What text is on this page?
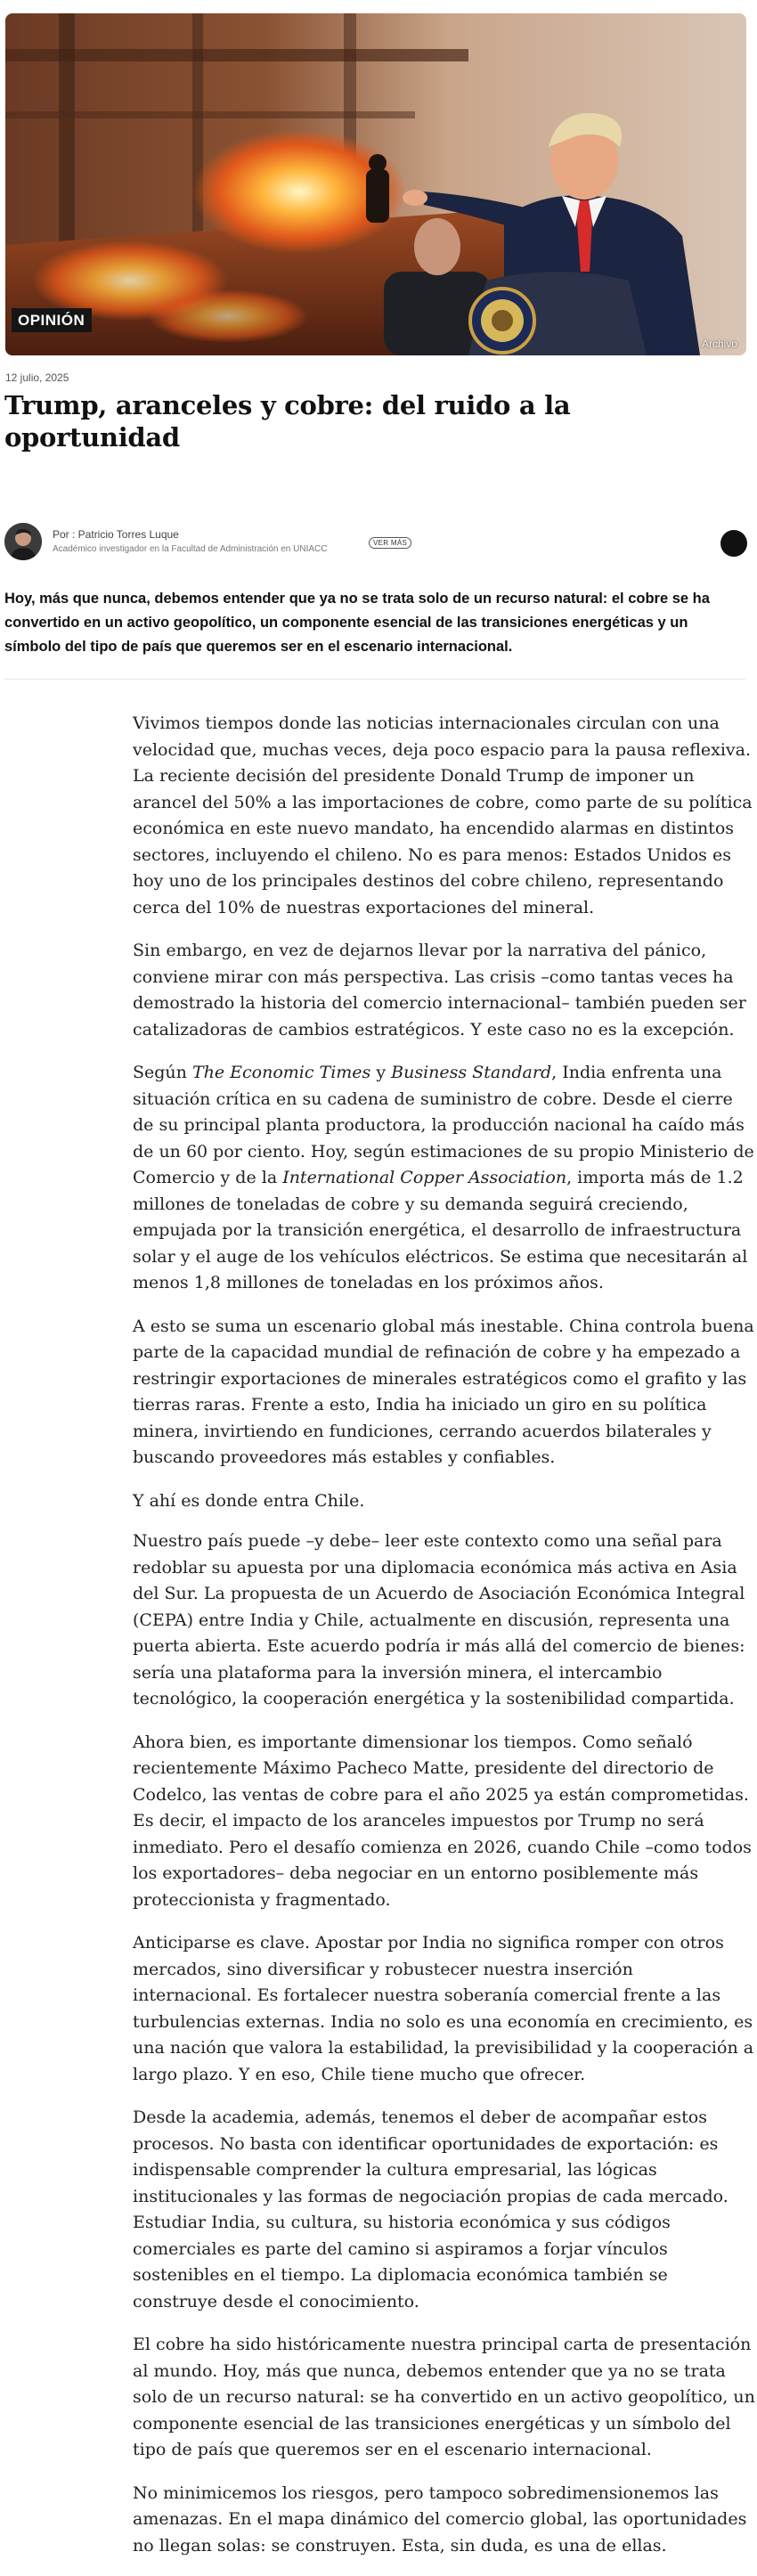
OPINIÓN
Archivo
12 julio, 2025
Trump, aranceles y cobre: del ruido a la oportunidad
Por : Patricio Torres Luque
Académico investigador en la Facultad de Administración en UNIACC
VER MÁS

Hoy, más que nunca, debemos entender que ya no se trata solo de un recurso natural: el cobre se ha convertido en un activo geopolítico, un componente esencial de las transiciones energéticas y un símbolo del tipo de país que queremos ser en el escenario internacional.

Vivimos tiempos donde las noticias internacionales circulan con una velocidad que, muchas veces, deja poco espacio para la pausa reflexiva. La reciente decisión del presidente Donald Trump de imponer un arancel del 50% a las importaciones de cobre, como parte de su política económica en este nuevo mandato, ha encendido alarmas en distintos sectores, incluyendo el chileno. No es para menos: Estados Unidos es hoy uno de los principales destinos del cobre chileno, representando cerca del 10% de nuestras exportaciones del mineral.

Sin embargo, en vez de dejarnos llevar por la narrativa del pánico, conviene mirar con más perspectiva. Las crisis –como tantas veces ha demostrado la historia del comercio internacional– también pueden ser catalizadoras de cambios estratégicos. Y este caso no es la excepción.

Según The Economic Times y Business Standard, India enfrenta una situación crítica en su cadena de suministro de cobre. Desde el cierre de su principal planta productora, la producción nacional ha caído más de un 60 por ciento. Hoy, según estimaciones de su propio Ministerio de Comercio y de la International Copper Association, importa más de 1.2 millones de toneladas de cobre y su demanda seguirá creciendo, empujada por la transición energética, el desarrollo de infraestructura solar y el auge de los vehículos eléctricos. Se estima que necesitarán al menos 1,8 millones de toneladas en los próximos años.

A esto se suma un escenario global más inestable. China controla buena parte de la capacidad mundial de refinación de cobre y ha empezado a restringir exportaciones de minerales estratégicos como el grafito y las tierras raras. Frente a esto, India ha iniciado un giro en su política minera, invirtiendo en fundiciones, cerrando acuerdos bilaterales y buscando proveedores más estables y confiables.

Y ahí es donde entra Chile.

Nuestro país puede –y debe– leer este contexto como una señal para redoblar su apuesta por una diplomacia económica más activa en Asia del Sur. La propuesta de un Acuerdo de Asociación Económica Integral (CEPA) entre India y Chile, actualmente en discusión, representa una puerta abierta. Este acuerdo podría ir más allá del comercio de bienes: sería una plataforma para la inversión minera, el intercambio tecnológico, la cooperación energética y la sostenibilidad compartida.

Ahora bien, es importante dimensionar los tiempos. Como señaló recientemente Máximo Pacheco Matte, presidente del directorio de Codelco, las ventas de cobre para el año 2025 ya están comprometidas. Es decir, el impacto de los aranceles impuestos por Trump no será inmediato. Pero el desafío comienza en 2026, cuando Chile –como todos los exportadores– deba negociar en un entorno posiblemente más proteccionista y fragmentado.

Anticiparse es clave. Apostar por India no significa romper con otros mercados, sino diversificar y robustecer nuestra inserción internacional. Es fortalecer nuestra soberanía comercial frente a las turbulencias externas. India no solo es una economía en crecimiento, es una nación que valora la estabilidad, la previsibilidad y la cooperación a largo plazo. Y en eso, Chile tiene mucho que ofrecer.

Desde la academia, además, tenemos el deber de acompañar estos procesos. No basta con identificar oportunidades de exportación: es indispensable comprender la cultura empresarial, las lógicas institucionales y las formas de negociación propias de cada mercado. Estudiar India, su cultura, su historia económica y sus códigos comerciales es parte del camino si aspiramos a forjar vínculos sostenibles en el tiempo. La diplomacia económica también se construye desde el conocimiento.

El cobre ha sido históricamente nuestra principal carta de presentación al mundo. Hoy, más que nunca, debemos entender que ya no se trata solo de un recurso natural: se ha convertido en un activo geopolítico, un componente esencial de las transiciones energéticas y un símbolo del tipo de país que queremos ser en el escenario internacional.

No minimicemos los riesgos, pero tampoco sobredimensionemos las amenazas. En el mapa dinámico del comercio global, las oportunidades no llegan solas: se construyen. Esta, sin duda, es una de ellas.
